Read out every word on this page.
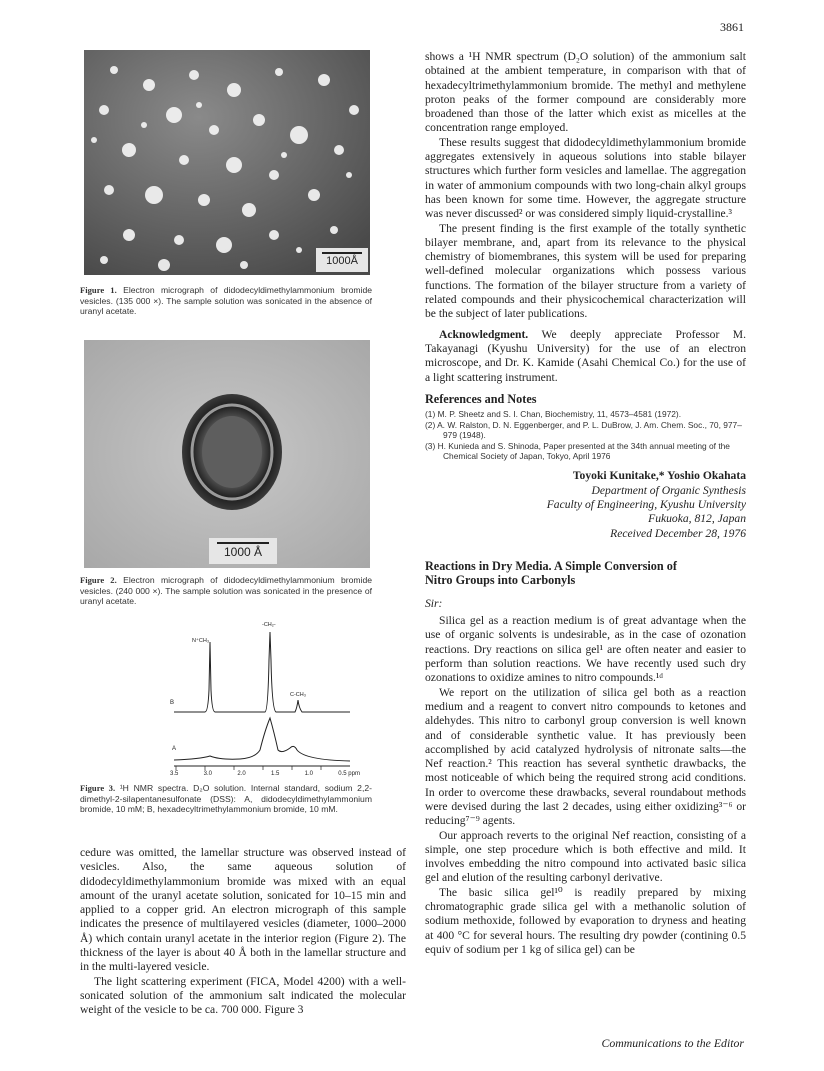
3861
1000Å
Figure 1. Electron micrograph of didodecyldimethylammonium bromide vesicles. (135 000 ×). The sample solution was sonicated in the absence of uranyl acetate.
1000 Å
Figure 2. Electron micrograph of didodecyldimethylammonium bromide vesicles. (240 000 ×). The sample solution was sonicated in the presence of uranyl acetate.
N⁺CH₃
-CH₂-
C-CH₃
B
A
3.5	3.0	2.0	1.5	1.0	0.5 ppm
Figure 3. ¹H NMR spectra. D₂O solution. Internal standard, sodium 2,2-dimethyl-2-silapentanesulfonate (DSS): A, didodecyldimethylammonium bromide, 10 mM; B, hexadecyltrimethylammonium bromide, 10 mM.

cedure was omitted, the lamellar structure was observed instead of vesicles. Also, the same aqueous solution of didodecyldimethylammonium bromide was mixed with an equal amount of the uranyl acetate solution, sonicated for 10–15 min and applied to a copper grid. An electron micrograph of this sample indicates the presence of multilayered vesicles (diameter, 1000–2000 Å) which contain uranyl acetate in the interior region (Figure 2). The thickness of the layer is about 40 Å both in the lamellar structure and in the multi-layered vesicle.

The light scattering experiment (FICA, Model 4200) with a well-sonicated solution of the ammonium salt indicated the molecular weight of the vesicle to be ca. 700 000. Figure 3

shows a ¹H NMR spectrum (D₂O solution) of the ammonium salt obtained at the ambient temperature, in comparison with that of hexadecyltrimethylammonium bromide. The methyl and methylene proton peaks of the former compound are considerably more broadened than those of the latter which exist as micelles at the concentration range employed.

These results suggest that didodecyldimethylammonium bromide aggregates extensively in aqueous solutions into stable bilayer structures which further form vesicles and lamellae. The aggregation in water of ammonium compounds with two long-chain alkyl groups has been known for some time. However, the aggregate structure was never discussed² or was considered simply liquid-crystalline.³

The present finding is the first example of the totally synthetic bilayer membrane, and, apart from its relevance to the physical chemistry of biomembranes, this system will be used for preparing well-defined molecular organizations which possess various functions. The formation of the bilayer structure from a variety of related compounds and their physicochemical characterization will be the subject of later publications.

Acknowledgment. We deeply appreciate Professor M. Takayanagi (Kyushu University) for the use of an electron microscope, and Dr. K. Kamide (Asahi Chemical Co.) for the use of a light scattering instrument.

References and Notes
(1) M. P. Sheetz and S. I. Chan, Biochemistry, 11, 4573–4581 (1972).
(2) A. W. Ralston, D. N. Eggenberger, and P. L. DuBrow, J. Am. Chem. Soc., 70, 977–979 (1948).
(3) H. Kunieda and S. Shinoda, Paper presented at the 34th annual meeting of the Chemical Society of Japan, Tokyo, April 1976
Toyoki Kunitake,* Yoshio Okahata
Department of Organic Synthesis
Faculty of Engineering, Kyushu University
Fukuoka, 812, Japan
Received December 28, 1976
Reactions in Dry Media. A Simple Conversion of
Nitro Groups into Carbonyls

Sir:

Silica gel as a reaction medium is of great advantage when the use of organic solvents is undesirable, as in the case of ozonation reactions. Dry reactions on silica gel¹ are often neater and easier to perform than solution reactions. We have recently used such dry ozonations to oxidize amines to nitro compounds.¹ᵈ

We report on the utilization of silica gel both as a reaction medium and a reagent to convert nitro compounds to ketones and aldehydes. This nitro to carbonyl group conversion is well known and of considerable synthetic value. It has previously been accomplished by acid catalyzed hydrolysis of nitronate salts—the Nef reaction.² This reaction has several synthetic drawbacks, the most noticeable of which being the required strong acid conditions. In order to overcome these drawbacks, several roundabout methods were devised during the last 2 decades, using either oxidizing³⁻⁶ or reducing⁷⁻⁹ agents.

Our approach reverts to the original Nef reaction, consisting of a simple, one step procedure which is both effective and mild. It involves embedding the nitro compound into activated basic silica gel and elution of the resulting carbonyl derivative.

The basic silica gel¹⁰ is readily prepared by mixing chromatographic grade silica gel with a methanolic solution of sodium methoxide, followed by evaporation to dryness and heating at 400 °C for several hours. The resulting dry powder (contining 0.5 equiv of sodium per 1 kg of silica gel) can be

Communications to the Editor
